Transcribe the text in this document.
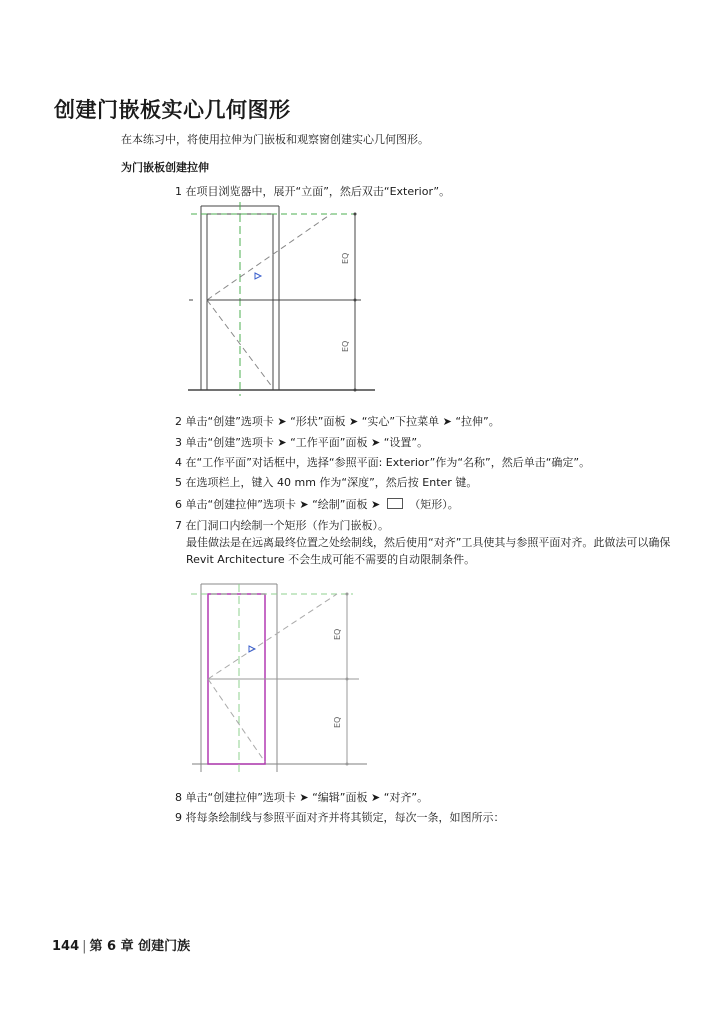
创建门嵌板实心几何图形
在本练习中，将使用拉伸为门嵌板和观察窗创建实心几何图形。
为门嵌板创建拉伸
1 在项目浏览器中，展开“立面”，然后双击“Exterior”。
EQ
EQ
2 单击“创建”选项卡 ➤ “形状”面板 ➤ “实心”下拉菜单 ➤ “拉伸”。
3 单击“创建”选项卡 ➤ “工作平面”面板 ➤ “设置”。
4 在“工作平面”对话框中，选择“参照平面: Exterior”作为“名称”，然后单击“确定”。
5 在选项栏上，键入 40 mm 作为“深度”，然后按 Enter 键。
6 单击“创建拉伸”选项卡 ➤ “绘制”面板 ➤	（矩形）。
7 在门洞口内绘制一个矩形（作为门嵌板）。
最佳做法是在远离最终位置之处绘制线，然后使用“对齐”工具使其与参照平面对齐。此做法可以确保 Revit Architecture 不会生成可能不需要的自动限制条件。
EQ
EQ
8 单击“创建拉伸”选项卡 ➤ “编辑”面板 ➤ “对齐”。
9 将每条绘制线与参照平面对齐并将其锁定，每次一条，如图所示：
144 | 第 6 章 创建门族
